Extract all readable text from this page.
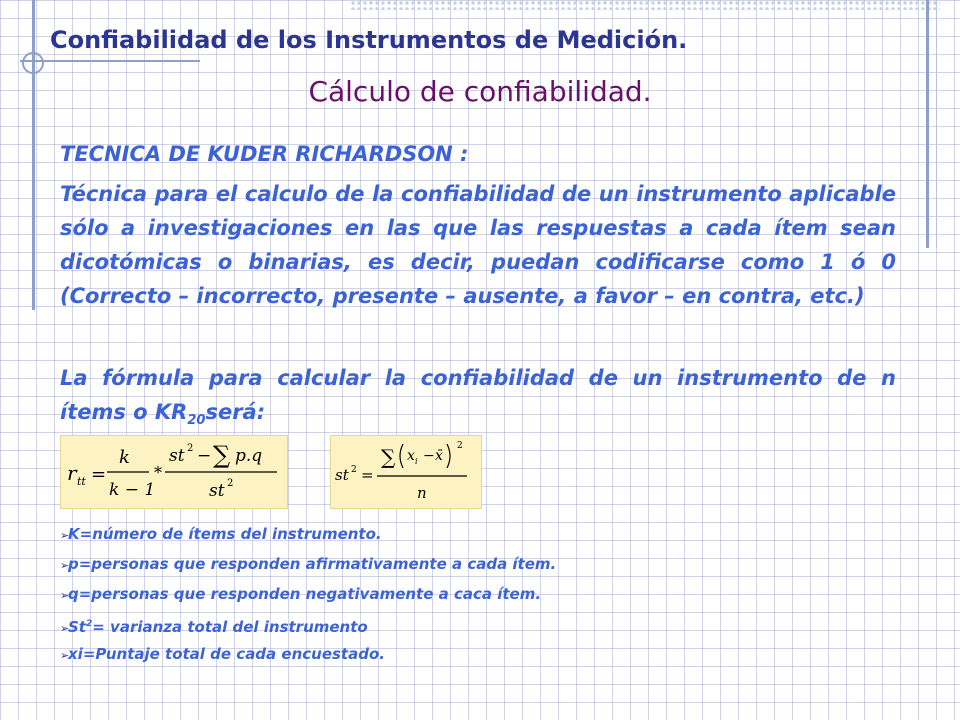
Confiabilidad de los Instrumentos de Medición.
Cálculo de confiabilidad.
TECNICA DE KUDER RICHARDSON :
Técnica para el calculo de la confiabilidad de un instrumento aplicable sólo a investigaciones en las que las respuestas a cada ítem sean dicotómicas o binarias, es decir, puedan codificarse como 1 ó 0 (Correcto – incorrecto, presente – ausente, a favor – en contra, etc.)
La fórmula para calcular la confiabilidad de un instrumento de n ítems o $KR_{20}será$:
r tt =
k
k − 1
*
st 2 − ∑ p.q
st 2	st 2 =
∑ x i − x̄
2
n
➢K=número de ítems del instrumento.
➢p=personas que responden afirmativamente a cada ítem.
➢q=personas que responden negativamente a caca ítem.
$➢St^2=$ varianza total del instrumento
➢xi=Puntaje total de cada encuestado.
